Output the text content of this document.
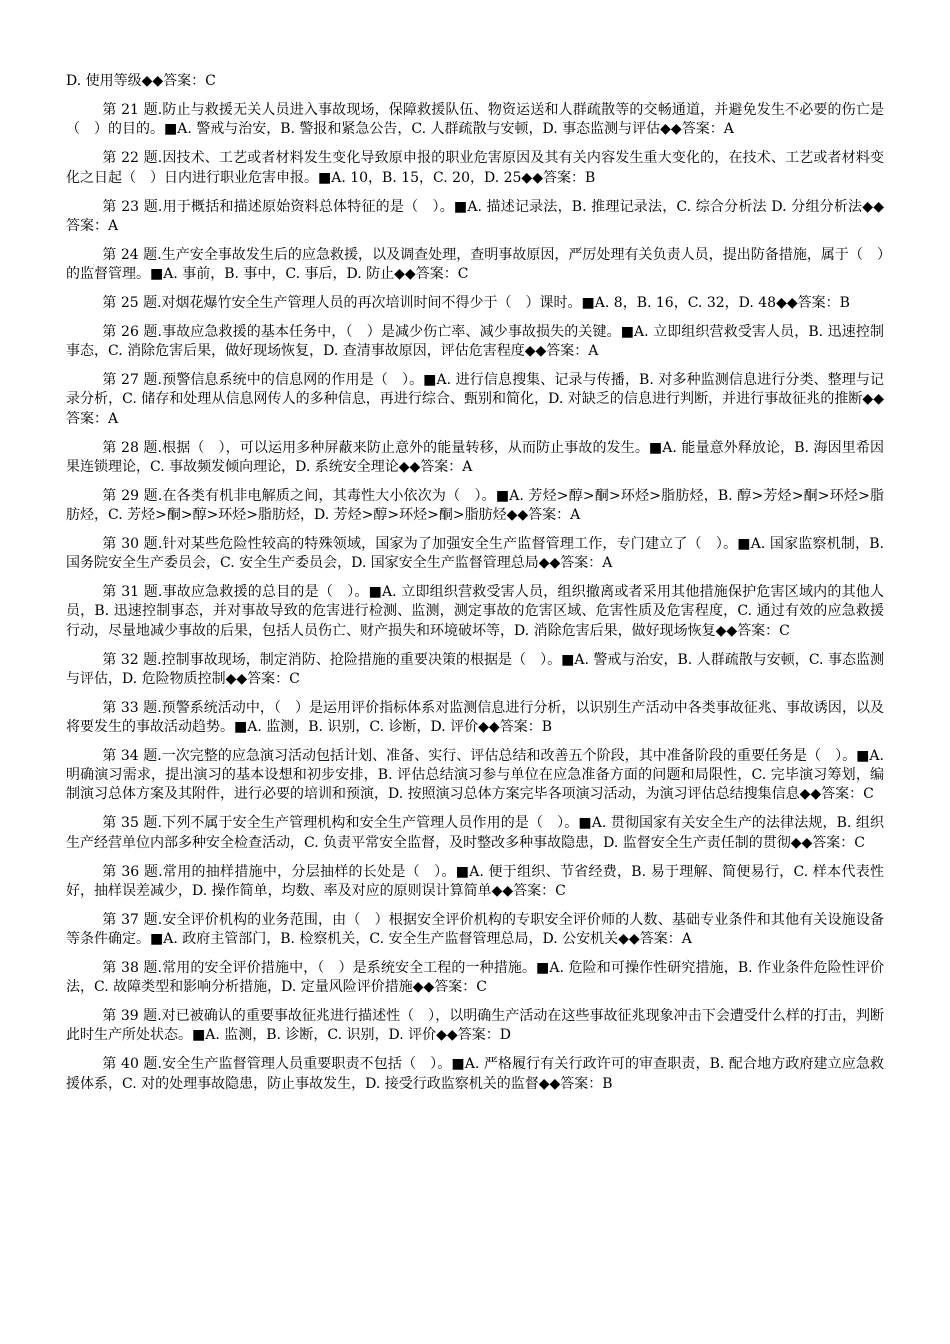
D. 使用等级◆◆答案：C

第 21 题.防止与救援无关人员进入事故现场，保障救援队伍、物资运送和人群疏散等的交畅通道，并避免发生不必要的伤亡是（　）的目的。■A. 警戒与治安，B. 警报和紧急公告，C. 人群疏散与安顿，D. 事态监测与评估◆◆答案：A

第 22 题.因技术、工艺或者材料发生变化导致原申报的职业危害原因及其有关内容发生重大变化的，在技术、工艺或者材料变化之日起（　）日内进行职业危害申报。■A. 10，B. 15，C. 20，D. 25◆◆答案：B

第 23 题.用于概括和描述原始资料总体特征的是（　）。■A. 描述记录法，B. 推理记录法，C. 综合分析法 D. 分组分析法◆◆答案：A

第 24 题.生产安全事故发生后的应急救援，以及调查处理，查明事故原因，严厉处理有关负责人员，提出防备措施，属于（　）的监督管理。■A. 事前，B. 事中，C. 事后，D. 防止◆◆答案：C

第 25 题.对烟花爆竹安全生产管理人员的再次培训时间不得少于（　）课时。■A. 8，B. 16，C. 32，D. 48◆◆答案：B

第 26 题.事故应急救援的基本任务中，（　）是减少伤亡率、减少事故损失的关键。■A. 立即组织营救受害人员，B. 迅速控制事态，C. 消除危害后果，做好现场恢复，D. 查清事故原因，评估危害程度◆◆答案：A

第 27 题.预警信息系统中的信息网的作用是（　）。■A. 进行信息搜集、记录与传播，B. 对多种监测信息进行分类、整理与记录分析，C. 储存和处理从信息网传人的多种信息，再进行综合、甄别和简化，D. 对缺乏的信息进行判断，并进行事故征兆的推断◆◆答案：A

第 28 题.根据（　），可以运用多种屏蔽来防止意外的能量转移，从而防止事故的发生。■A. 能量意外释放论，B. 海因里希因果连锁理论，C. 事故频发倾向理论，D. 系统安全理论◆◆答案：A

第 29 题.在各类有机非电解质之间，其毒性大小依次为（　）。■A. 芳烃>醇>酮>环烃>脂肪烃，B. 醇>芳烃>酮>环烃>脂肪烃，C. 芳烃>酮>醇>环烃>脂肪烃，D. 芳烃>醇>环烃>酮>脂肪烃◆◆答案：A

第 30 题.针对某些危险性较高的特殊领域，国家为了加强安全生产监督管理工作，专门建立了（　）。■A. 国家监察机制，B. 国务院安全生产委员会，C. 安全生产委员会，D. 国家安全生产监督管理总局◆◆答案：A

第 31 题.事故应急救援的总目的是（　）。■A. 立即组织营救受害人员，组织撤离或者采用其他措施保护危害区域内的其他人员，B. 迅速控制事态，并对事故导致的危害进行检测、监测，测定事故的危害区域、危害性质及危害程度，C. 通过有效的应急救援行动，尽量地减少事故的后果，包括人员伤亡、财产损失和环境破坏等，D. 消除危害后果，做好现场恢复◆◆答案：C

第 32 题.控制事故现场，制定消防、抢险措施的重要决策的根据是（　）。■A. 警戒与治安，B. 人群疏散与安顿，C. 事态监测与评估，D. 危险物质控制◆◆答案：C

第 33 题.预警系统活动中，（　）是运用评价指标体系对监测信息进行分析，以识别生产活动中各类事故征兆、事故诱因，以及将要发生的事故活动趋势。■A. 监测，B. 识别，C. 诊断，D. 评价◆◆答案：B

第 34 题.一次完整的应急演习活动包括计划、准备、实行、评估总结和改善五个阶段，其中准备阶段的重要任务是（　）。■A. 明确演习需求，提出演习的基本设想和初步安排，B. 评估总结演习参与单位在应急准备方面的问题和局限性，C. 完毕演习筹划，编制演习总体方案及其附件，进行必要的培训和预演，D. 按照演习总体方案完毕各项演习活动，为演习评估总结搜集信息◆◆答案：C

第 35 题.下列不属于安全生产管理机构和安全生产管理人员作用的是（　）。■A. 贯彻国家有关安全生产的法律法规，B. 组织生产经营单位内部多种安全检查活动，C. 负责平常安全监督，及时整改多种事故隐患，D. 监督安全生产责任制的贯彻◆◆答案：C

第 36 题.常用的抽样措施中，分层抽样的长处是（　）。■A. 便于组织、节省经费，B. 易于理解、简便易行，C. 样本代表性好，抽样误差减少，D. 操作简单，均数、率及对应的原则误计算简单◆◆答案：C

第 37 题.安全评价机构的业务范围，由（　）根据安全评价机构的专职安全评价师的人数、基础专业条件和其他有关设施设备等条件确定。■A. 政府主管部门，B. 检察机关，C. 安全生产监督管理总局，D. 公安机关◆◆答案：A

第 38 题.常用的安全评价措施中，（　）是系统安全工程的一种措施。■A. 危险和可操作性研究措施，B. 作业条件危险性评价法，C. 故障类型和影响分析措施，D. 定量风险评价措施◆◆答案：C

第 39 题.对已被确认的重要事故征兆进行描述性（　），以明确生产活动在这些事故征兆现象冲击下会遭受什么样的打击，判断此时生产所处状态。■A. 监测，B. 诊断，C. 识别，D. 评价◆◆答案：D

第 40 题.安全生产监督管理人员重要职责不包括（　）。■A. 严格履行有关行政许可的审查职责，B. 配合地方政府建立应急救援体系，C. 对的处理事故隐患，防止事故发生，D. 接受行政监察机关的监督◆◆答案：B
